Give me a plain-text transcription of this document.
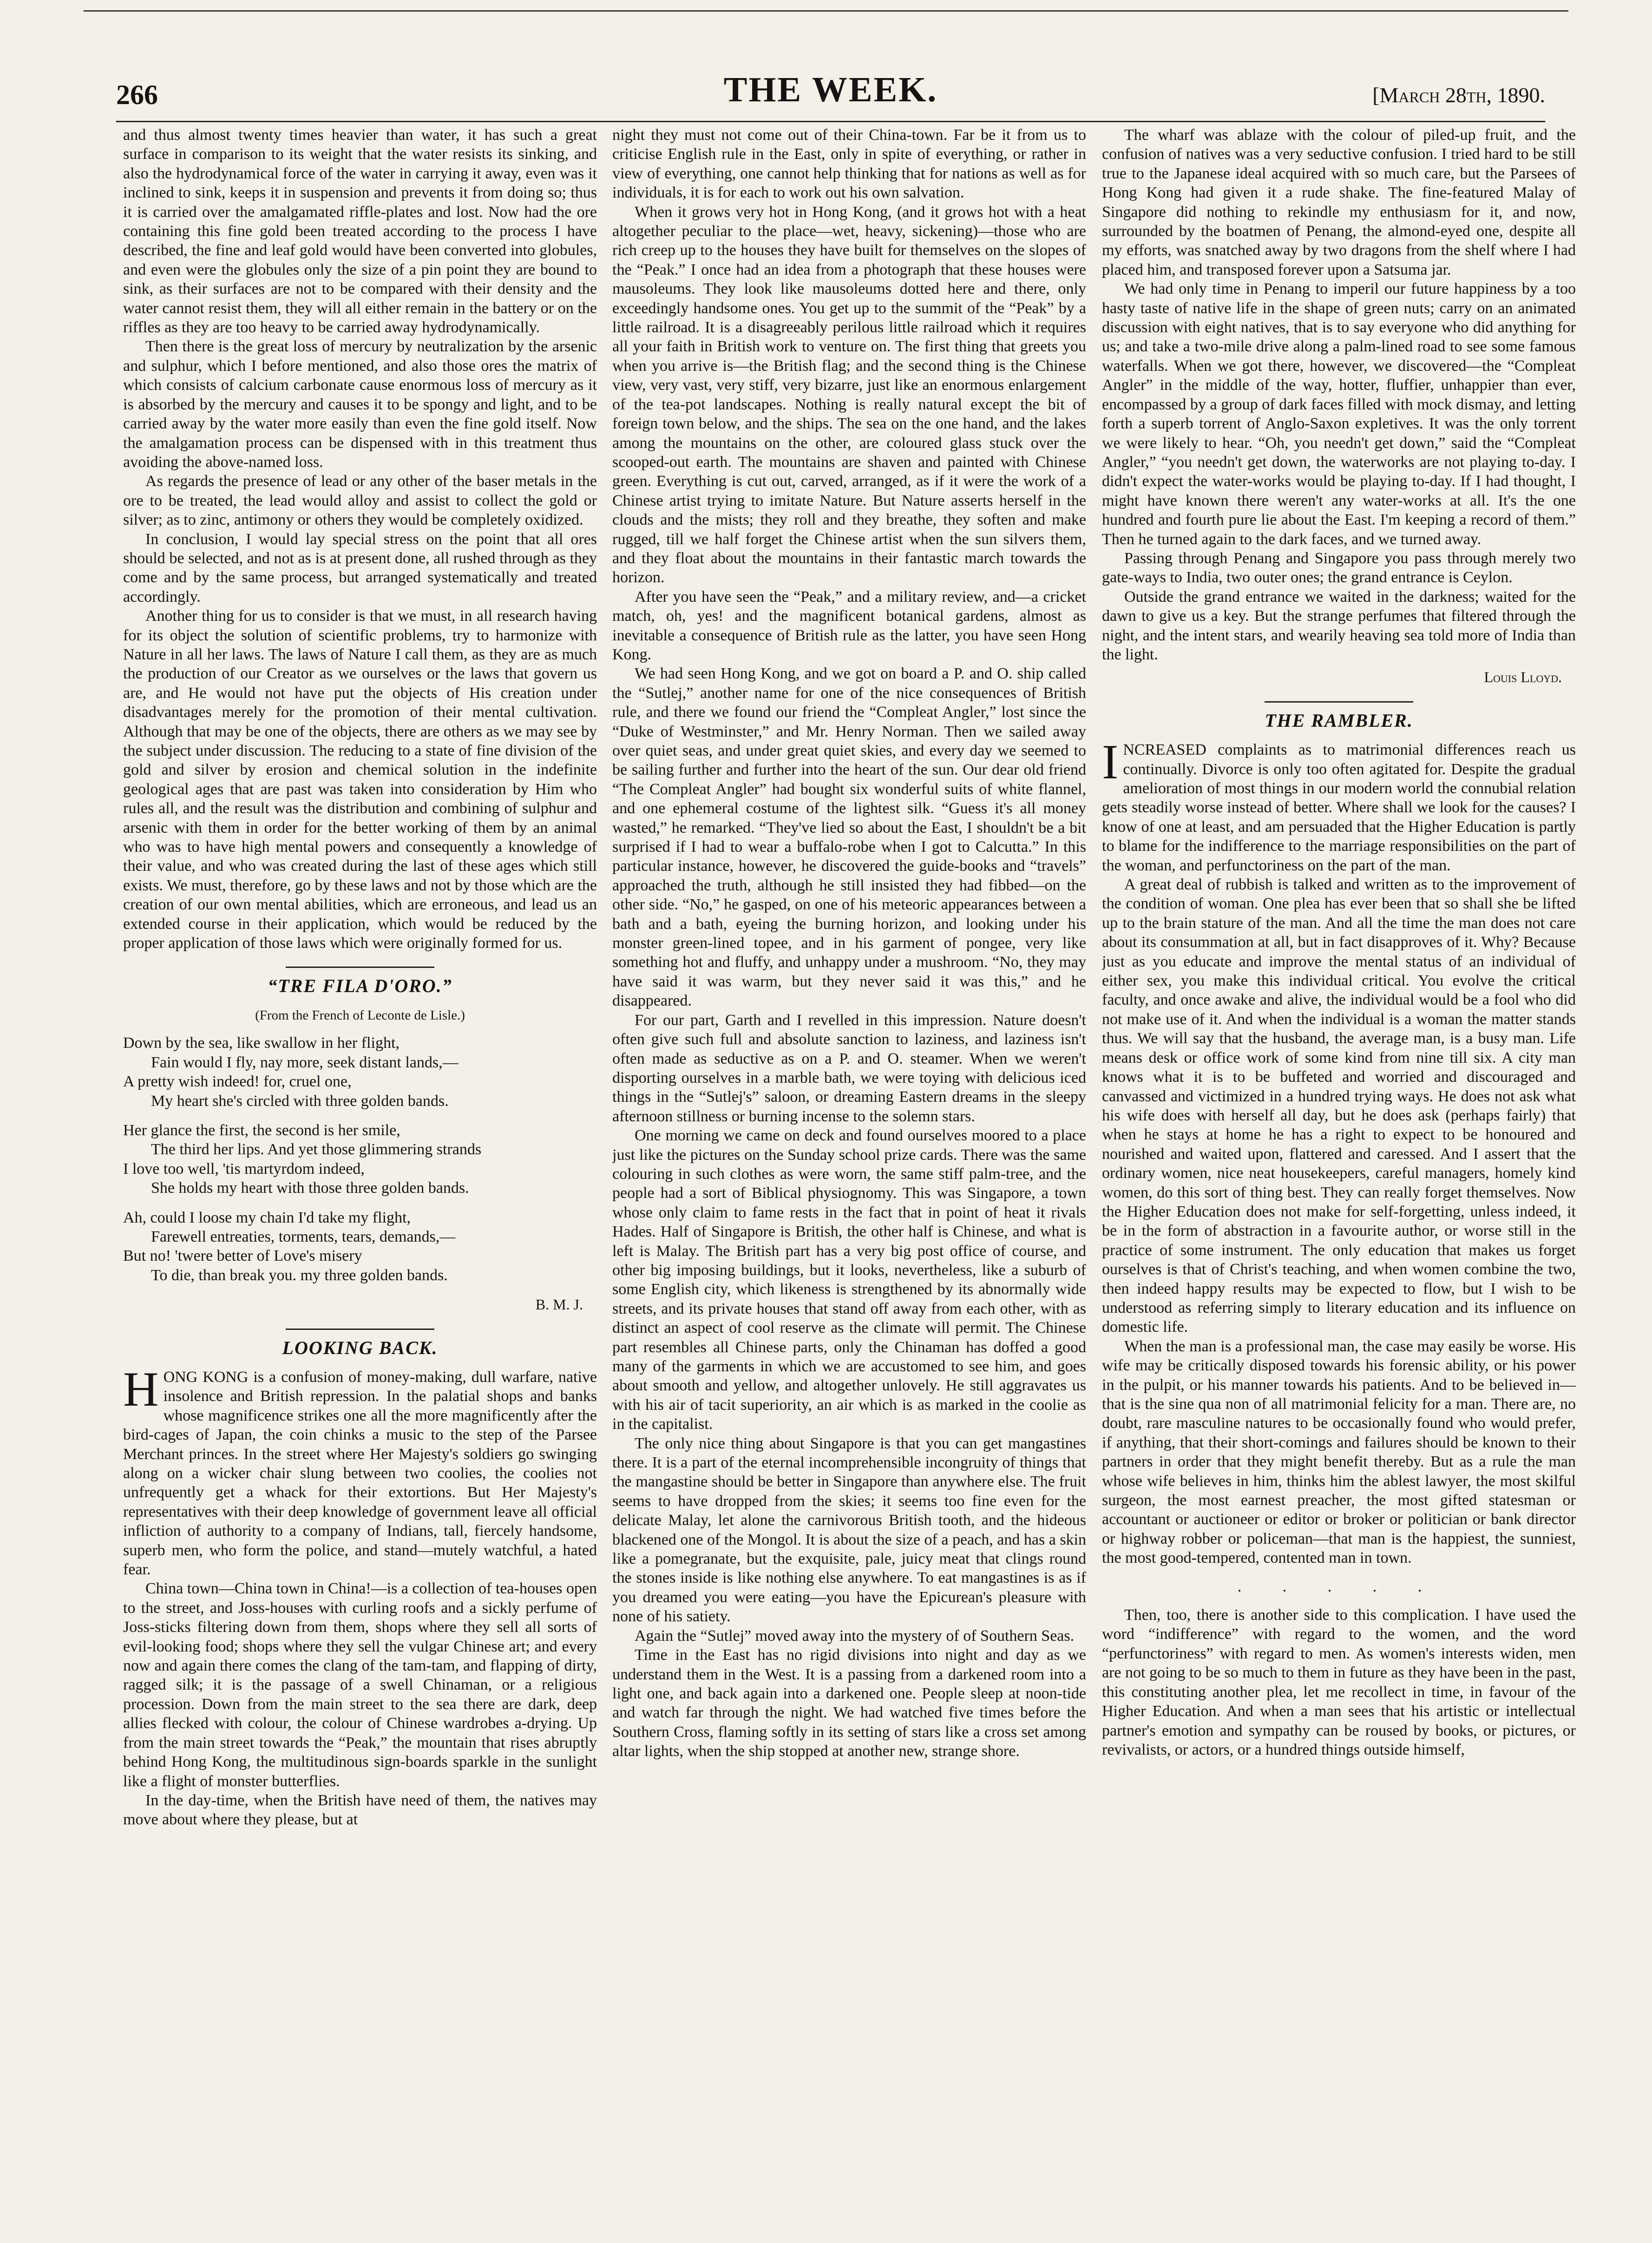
266	THE WEEK.	[March 28th, 1890.

and thus almost twenty times heavier than water, it has such a great surface in comparison to its weight that the water resists its sinking, and also the hydrodynamical force of the water in carrying it away, even was it inclined to sink, keeps it in suspension and prevents it from doing so; thus it is carried over the amalgamated riffle-plates and lost. Now had the ore containing this fine gold been treated according to the process I have described, the fine and leaf gold would have been converted into globules, and even were the globules only the size of a pin point they are bound to sink, as their surfaces are not to be compared with their density and the water cannot resist them, they will all either remain in the battery or on the riffles as they are too heavy to be carried away hydrodynamically.

Then there is the great loss of mercury by neutralization by the arsenic and sulphur, which I before mentioned, and also those ores the matrix of which consists of calcium carbonate cause enormous loss of mercury as it is absorbed by the mercury and causes it to be spongy and light, and to be carried away by the water more easily than even the fine gold itself. Now the amalgamation process can be dispensed with in this treatment thus avoiding the above-named loss.

As regards the presence of lead or any other of the baser metals in the ore to be treated, the lead would alloy and assist to collect the gold or silver; as to zinc, antimony or others they would be completely oxidized.

In conclusion, I would lay special stress on the point that all ores should be selected, and not as is at present done, all rushed through as they come and by the same process, but arranged systematically and treated accordingly.

Another thing for us to consider is that we must, in all research having for its object the solution of scientific problems, try to harmonize with Nature in all her laws. The laws of Nature I call them, as they are as much the production of our Creator as we ourselves or the laws that govern us are, and He would not have put the objects of His creation under disadvantages merely for the promotion of their mental cultivation. Although that may be one of the objects, there are others as we may see by the subject under discussion. The reducing to a state of fine division of the gold and silver by erosion and chemical solution in the indefinite geological ages that are past was taken into consideration by Him who rules all, and the result was the distribution and combining of sulphur and arsenic with them in order for the better working of them by an animal who was to have high mental powers and consequently a knowledge of their value, and who was created during the last of these ages which still exists. We must, therefore, go by these laws and not by those which are the creation of our own mental abilities, which are erroneous, and lead us an extended course in their application, which would be reduced by the proper application of those laws which were originally formed for us.

“TRE FILA D'ORO.”
(From the French of Leconte de Lisle.)
Down by the sea, like swallow in her flight,
Fain would I fly, nay more, seek distant lands,—
A pretty wish indeed! for, cruel one,
My heart she's circled with three golden bands.
Her glance the first, the second is her smile,
The third her lips. And yet those glimmering strands
I love too well, 'tis martyrdom indeed,
She holds my heart with those three golden bands.
Ah, could I loose my chain I'd take my flight,
Farewell entreaties, torments, tears, demands,—
But no! 'twere better of Love's misery
To die, than break you. my three golden bands.
B. M. J.
LOOKING BACK.

HONG KONG is a confusion of money-making, dull warfare, native insolence and British repression. In the palatial shops and banks whose magnificence strikes one all the more magnificently after the bird-cages of Japan, the coin chinks a music to the step of the Parsee Merchant princes. In the street where Her Majesty's soldiers go swinging along on a wicker chair slung between two coolies, the coolies not unfrequently get a whack for their extortions. But Her Majesty's representatives with their deep knowledge of government leave all official infliction of authority to a company of Indians, tall, fiercely handsome, superb men, who form the police, and stand—mutely watchful, a hated fear.

China town—China town in China!—is a collection of tea-houses open to the street, and Joss-houses with curling roofs and a sickly perfume of Joss-sticks filtering down from them, shops where they sell all sorts of evil-looking food; shops where they sell the vulgar Chinese art; and every now and again there comes the clang of the tam-tam, and flapping of dirty, ragged silk; it is the passage of a swell Chinaman, or a religious procession. Down from the main street to the sea there are dark, deep allies flecked with colour, the colour of Chinese wardrobes a-drying. Up from the main street towards the “Peak,” the mountain that rises abruptly behind Hong Kong, the multitudinous sign-boards sparkle in the sunlight like a flight of monster butterflies.

In the day-time, when the British have need of them, the natives may move about where they please, but at

night they must not come out of their China-town. Far be it from us to criticise English rule in the East, only in spite of everything, or rather in view of everything, one cannot help thinking that for nations as well as for individuals, it is for each to work out his own salvation.

When it grows very hot in Hong Kong, (and it grows hot with a heat altogether peculiar to the place—wet, heavy, sickening)—those who are rich creep up to the houses they have built for themselves on the slopes of the “Peak.” I once had an idea from a photograph that these houses were mausoleums. They look like mausoleums dotted here and there, only exceedingly handsome ones. You get up to the summit of the “Peak” by a little railroad. It is a disagreeably perilous little railroad which it requires all your faith in British work to venture on. The first thing that greets you when you arrive is—the British flag; and the second thing is the Chinese view, very vast, very stiff, very bizarre, just like an enormous enlargement of the tea-pot landscapes. Nothing is really natural except the bit of foreign town below, and the ships. The sea on the one hand, and the lakes among the mountains on the other, are coloured glass stuck over the scooped-out earth. The mountains are shaven and painted with Chinese green. Everything is cut out, carved, arranged, as if it were the work of a Chinese artist trying to imitate Nature. But Nature asserts herself in the clouds and the mists; they roll and they breathe, they soften and make rugged, till we half forget the Chinese artist when the sun silvers them, and they float about the mountains in their fantastic march towards the horizon.

After you have seen the “Peak,” and a military review, and—a cricket match, oh, yes! and the magnificent botanical gardens, almost as inevitable a consequence of British rule as the latter, you have seen Hong Kong.

We had seen Hong Kong, and we got on board a P. and O. ship called the “Sutlej,” another name for one of the nice consequences of British rule, and there we found our friend the “Compleat Angler,” lost since the “Duke of Westminster,” and Mr. Henry Norman. Then we sailed away over quiet seas, and under great quiet skies, and every day we seemed to be sailing further and further into the heart of the sun. Our dear old friend “The Compleat Angler” had bought six wonderful suits of white flannel, and one ephemeral costume of the lightest silk. “Guess it's all money wasted,” he remarked. “They've lied so about the East, I shouldn't be a bit surprised if I had to wear a buffalo-robe when I got to Calcutta.” In this particular instance, however, he discovered the guide-books and “travels” approached the truth, although he still insisted they had fibbed—on the other side. “No,” he gasped, on one of his meteoric appearances between a bath and a bath, eyeing the burning horizon, and looking under his monster green-lined topee, and in his garment of pongee, very like something hot and fluffy, and unhappy under a mushroom. “No, they may have said it was warm, but they never said it was this,” and he disappeared.

For our part, Garth and I revelled in this impression. Nature doesn't often give such full and absolute sanction to laziness, and laziness isn't often made as seductive as on a P. and O. steamer. When we weren't disporting ourselves in a marble bath, we were toying with delicious iced things in the “Sutlej's” saloon, or dreaming Eastern dreams in the sleepy afternoon stillness or burning incense to the solemn stars.

One morning we came on deck and found ourselves moored to a place just like the pictures on the Sunday school prize cards. There was the same colouring in such clothes as were worn, the same stiff palm-tree, and the people had a sort of Biblical physiognomy. This was Singapore, a town whose only claim to fame rests in the fact that in point of heat it rivals Hades. Half of Singapore is British, the other half is Chinese, and what is left is Malay. The British part has a very big post office of course, and other big imposing buildings, but it looks, nevertheless, like a suburb of some English city, which likeness is strengthened by its abnormally wide streets, and its private houses that stand off away from each other, with as distinct an aspect of cool reserve as the climate will permit. The Chinese part resembles all Chinese parts, only the Chinaman has doffed a good many of the garments in which we are accustomed to see him, and goes about smooth and yellow, and altogether unlovely. He still aggravates us with his air of tacit superiority, an air which is as marked in the coolie as in the capitalist.

The only nice thing about Singapore is that you can get mangastines there. It is a part of the eternal incomprehensible incongruity of things that the mangastine should be better in Singapore than anywhere else. The fruit seems to have dropped from the skies; it seems too fine even for the delicate Malay, let alone the carnivorous British tooth, and the hideous blackened one of the Mongol. It is about the size of a peach, and has a skin like a pomegranate, but the exquisite, pale, juicy meat that clings round the stones inside is like nothing else anywhere. To eat mangastines is as if you dreamed you were eating—you have the Epicurean's pleasure with none of his satiety.

Again the “Sutlej” moved away into the mystery of of Southern Seas.

Time in the East has no rigid divisions into night and day as we understand them in the West. It is a passing from a darkened room into a light one, and back again into a darkened one. People sleep at noon-tide and watch far through the night. We had watched five times before the Southern Cross, flaming softly in its setting of stars like a cross set among altar lights, when the ship stopped at another new, strange shore.

The wharf was ablaze with the colour of piled-up fruit, and the confusion of natives was a very seductive confusion. I tried hard to be still true to the Japanese ideal acquired with so much care, but the Parsees of Hong Kong had given it a rude shake. The fine-featured Malay of Singapore did nothing to rekindle my enthusiasm for it, and now, surrounded by the boatmen of Penang, the almond-eyed one, despite all my efforts, was snatched away by two dragons from the shelf where I had placed him, and transposed forever upon a Satsuma jar.

We had only time in Penang to imperil our future happiness by a too hasty taste of native life in the shape of green nuts; carry on an animated discussion with eight natives, that is to say everyone who did anything for us; and take a two-mile drive along a palm-lined road to see some famous waterfalls. When we got there, however, we discovered—the “Compleat Angler” in the middle of the way, hotter, fluffier, unhappier than ever, encompassed by a group of dark faces filled with mock dismay, and letting forth a superb torrent of Anglo-Saxon expletives. It was the only torrent we were likely to hear. “Oh, you needn't get down,” said the “Compleat Angler,” “you needn't get down, the waterworks are not playing to-day. I didn't expect the water-works would be playing to-day. If I had thought, I might have known there weren't any water-works at all. It's the one hundred and fourth pure lie about the East. I'm keeping a record of them.” Then he turned again to the dark faces, and we turned away.

Passing through Penang and Singapore you pass through merely two gate-ways to India, two outer ones; the grand entrance is Ceylon.

Outside the grand entrance we waited in the darkness; waited for the dawn to give us a key. But the strange perfumes that filtered through the night, and the intent stars, and wearily heaving sea told more of India than the light.

Louis Lloyd.
THE RAMBLER.

INCREASED complaints as to matrimonial differences reach us continually. Divorce is only too often agitated for. Despite the gradual amelioration of most things in our modern world the connubial relation gets steadily worse instead of better. Where shall we look for the causes? I know of one at least, and am persuaded that the Higher Education is partly to blame for the indifference to the marriage responsibilities on the part of the woman, and perfunctoriness on the part of the man.

A great deal of rubbish is talked and written as to the improvement of the condition of woman. One plea has ever been that so shall she be lifted up to the brain stature of the man. And all the time the man does not care about its consummation at all, but in fact disapproves of it. Why? Because just as you educate and improve the mental status of an individual of either sex, you make this individual critical. You evolve the critical faculty, and once awake and alive, the individual would be a fool who did not make use of it. And when the individual is a woman the matter stands thus. We will say that the husband, the average man, is a busy man. Life means desk or office work of some kind from nine till six. A city man knows what it is to be buffeted and worried and discouraged and canvassed and victimized in a hundred trying ways. He does not ask what his wife does with herself all day, but he does ask (perhaps fairly) that when he stays at home he has a right to expect to be honoured and nourished and waited upon, flattered and caressed. And I assert that the ordinary women, nice neat housekeepers, careful managers, homely kind women, do this sort of thing best. They can really forget themselves. Now the Higher Education does not make for self-forgetting, unless indeed, it be in the form of abstraction in a favourite author, or worse still in the practice of some instrument. The only education that makes us forget ourselves is that of Christ's teaching, and when women combine the two, then indeed happy results may be expected to flow, but I wish to be understood as referring simply to literary education and its influence on domestic life.

When the man is a professional man, the case may easily be worse. His wife may be critically disposed towards his forensic ability, or his power in the pulpit, or his manner towards his patients. And to be believed in—that is the sine qua non of all matrimonial felicity for a man. There are, no doubt, rare masculine natures to be occasionally found who would prefer, if anything, that their short-comings and failures should be known to their partners in order that they might benefit thereby. But as a rule the man whose wife believes in him, thinks him the ablest lawyer, the most skilful surgeon, the most earnest preacher, the most gifted statesman or accountant or auctioneer or editor or broker or politician or bank director or highway robber or policeman—that man is the happiest, the sunniest, the most good-tempered, contented man in town.

. . . . .

Then, too, there is another side to this complication. I have used the word “indifference” with regard to the women, and the word “perfunctoriness” with regard to men. As women's interests widen, men are not going to be so much to them in future as they have been in the past, this constituting another plea, let me recollect in time, in favour of the Higher Education. And when a man sees that his artistic or intellectual partner's emotion and sympathy can be roused by books, or pictures, or revivalists, or actors, or a hundred things outside himself,
